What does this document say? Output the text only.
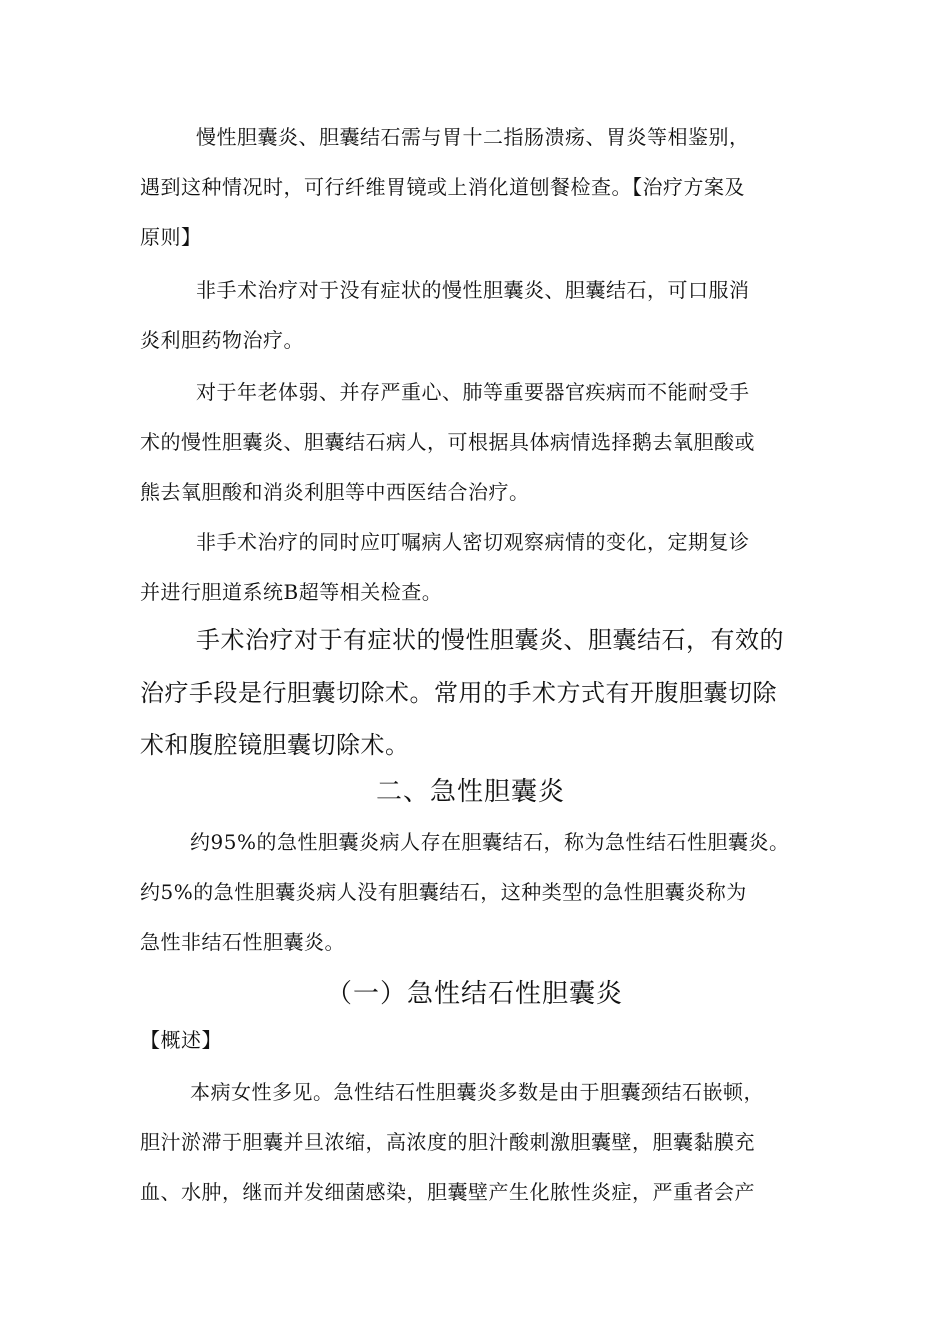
慢性胆囊炎、胆囊结石需与胃十二指肠溃疡、胃炎等相鉴别，
遇到这种情况时，可行纤维胃镜或上消化道刨餐检查。【治疗方案及
原则】
非手术治疗对于没有症状的慢性胆囊炎、胆囊结石，可口服消
炎利胆药物治疗。
对于年老体弱、并存严重心、肺等重要器官疾病而不能耐受手
术的慢性胆囊炎、胆囊结石病人，可根据具体病情选择鹅去氧胆酸或
熊去氧胆酸和消炎利胆等中西医结合治疗。
非手术治疗的同时应叮嘱病人密切观察病情的变化，定期复诊
并进行胆道系统B超等相关检查。
手术治疗对于有症状的慢性胆囊炎、胆囊结石，有效的
治疗手段是行胆囊切除术。常用的手术方式有开腹胆囊切除
术和腹腔镜胆囊切除术。
二、急性胆囊炎
约95%的急性胆囊炎病人存在胆囊结石，称为急性结石性胆囊炎。
约5%的急性胆囊炎病人没有胆囊结石，这种类型的急性胆囊炎称为
急性非结石性胆囊炎。
（一）急性结石性胆囊炎
【概述】
本病女性多见。急性结石性胆囊炎多数是由于胆囊颈结石嵌顿，
胆汁淤滞于胆囊并旦浓缩，高浓度的胆汁酸刺激胆囊壁，胆囊黏膜充
血、水肿，继而并发细菌感染，胆囊壁产生化脓性炎症，严重者会产
